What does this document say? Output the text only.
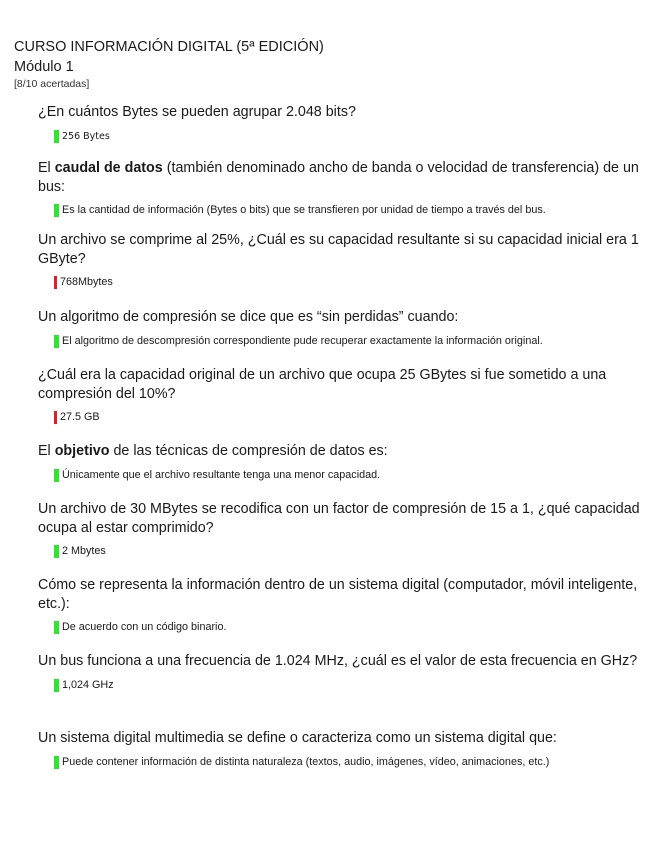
CURSO INFORMACIÓN DIGITAL (5ª EDICIÓN)
Módulo 1
[8/10 acertadas]
¿En cuántos Bytes se pueden agrupar 2.048 bits?
256 Bytes
El caudal de datos (también denominado ancho de banda o velocidad de transferencia) de un bus:
Es la cantidad de información (Bytes o bits) que se transfieren por unidad de tiempo a través del bus.
Un archivo se comprime al 25%, ¿Cuál es su capacidad resultante si su capacidad inicial era 1 GByte?
768Mbytes
Un algoritmo de compresión se dice que es “sin perdidas” cuando:
El algoritmo de descompresión correspondiente pude recuperar exactamente la información original.
¿Cuál era la capacidad original de un archivo que ocupa 25 GBytes si fue sometido a una compresión del 10%?
27.5 GB
El objetivo de las técnicas de compresión de datos es:
Únicamente que el archivo resultante tenga una menor capacidad.
Un archivo de 30 MBytes se recodifica con un factor de compresión de 15 a 1, ¿qué capacidad ocupa al estar comprimido?
2 Mbytes
Cómo se representa la información dentro de un sistema digital (computador, móvil inteligente, etc.):
De acuerdo con un código binario.
Un bus funciona a una frecuencia de 1.024 MHz, ¿cuál es el valor de esta frecuencia en GHz?
1,024 GHz
Un sistema digital multimedia se define o caracteriza como un sistema digital que:
Puede contener información de distinta naturaleza (textos, audio, imágenes, vídeo, animaciones, etc.)
